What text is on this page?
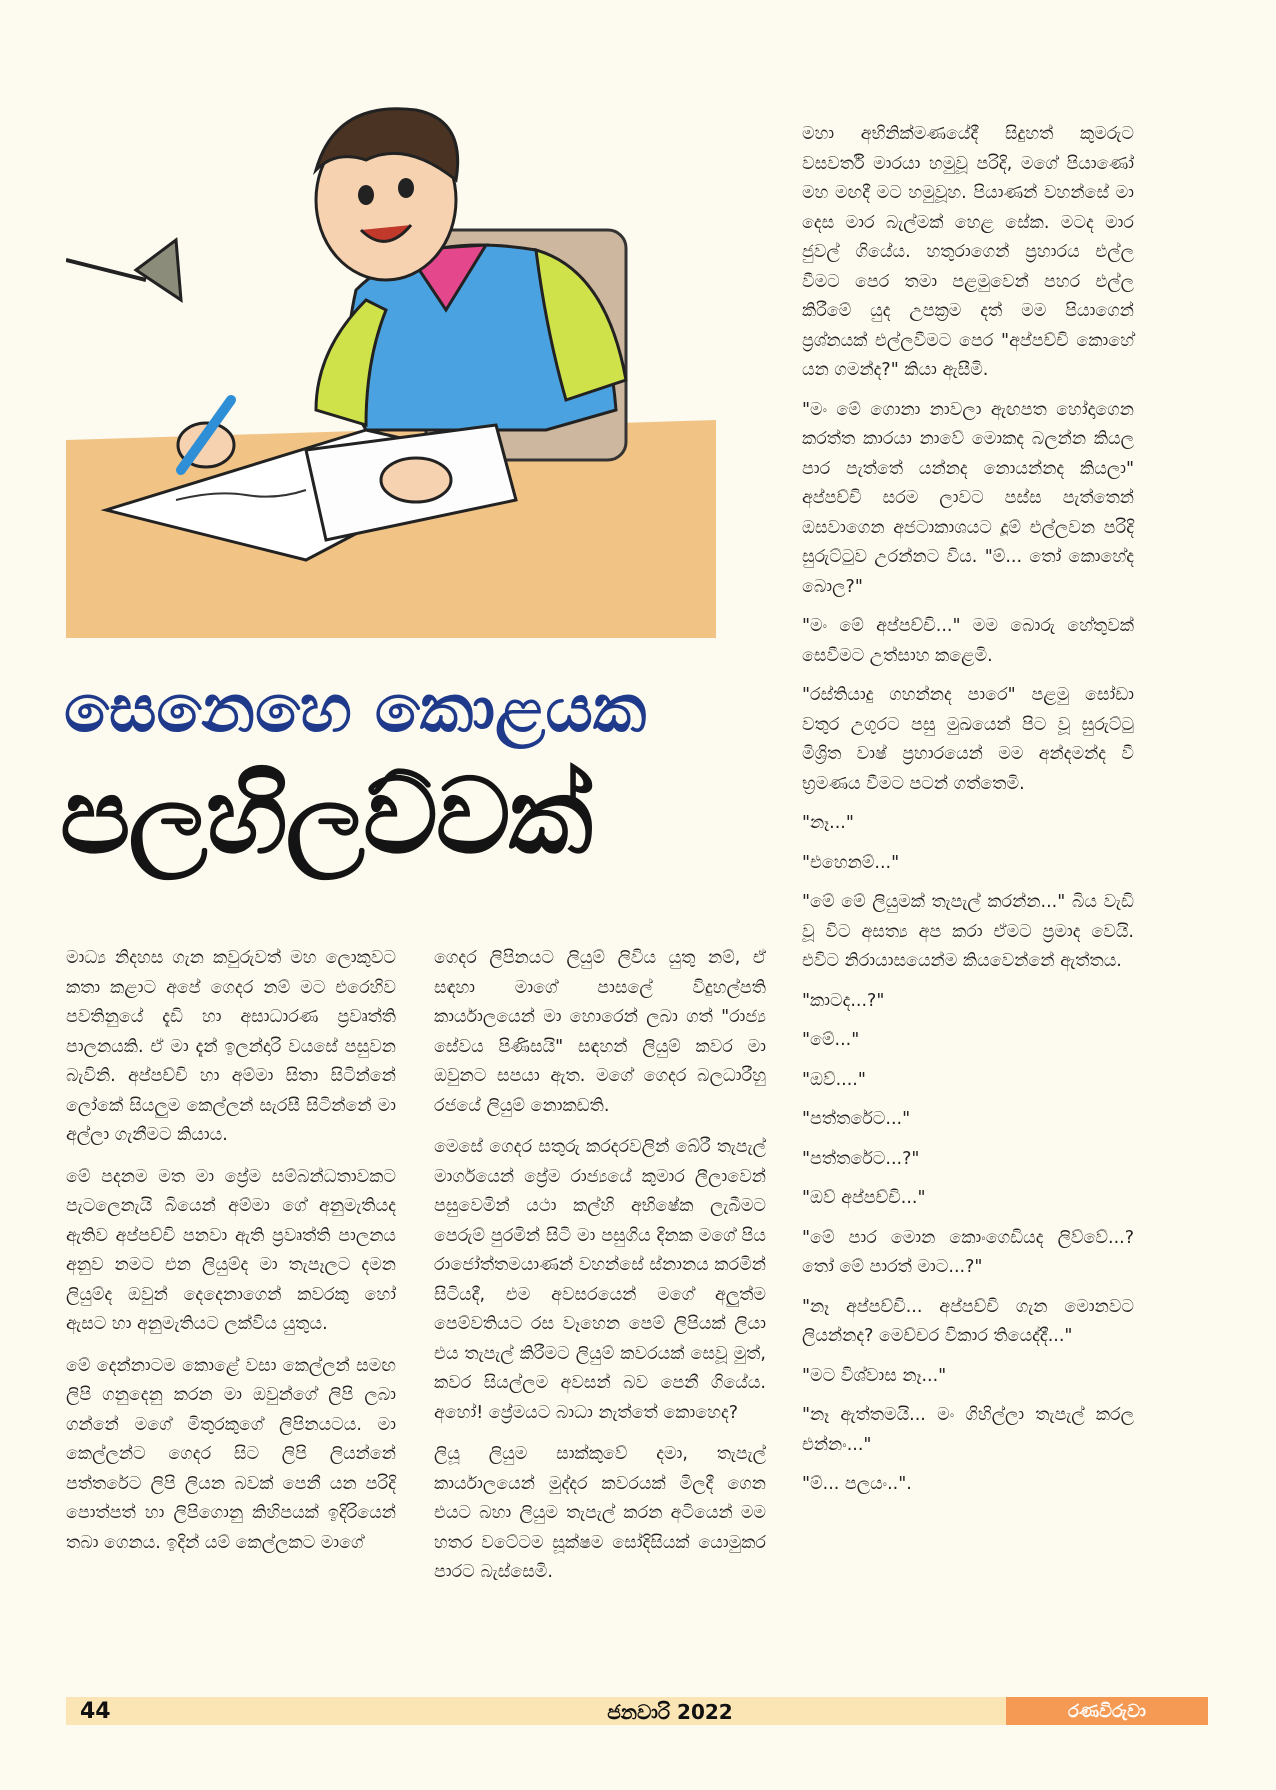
සෙනෙහෙ කොළයක
පලහිලව්වක්

මාධ්‍ය නිදහස ගැන කවුරුවත් මහ ලොකුවට කතා කළාට අපේ ගෙදර නම් මට එරෙහිව පවතිනුයේ දැඩි හා අසාධාරණ ප්‍රවෘත්ති පාලනයකි. ඒ මා දැන් ඉලන්දාරි වයසේ පසුවන බැවිනි. අප්පච්චි හා අම්මා සිතා සිටින්නේ ලෝකේ සියලුම කෙල්ලන් සැරසී සිටින්නේ මා අල්ලා ගැනීමට කියාය.

මේ පදනම මත මා ප්‍රේම සම්බන්ධතාවකට පැටලෙනැයි බියෙන් අම්මා ගේ අනුමැතියද ඇතිව අප්පච්චි පනවා ඇති ප්‍රවෘත්ති පාලනය අනුව නමට එන ලියුම්ද මා තැපෑලට දමන ලියුම්ද ඔවුන් දෙදෙනාගෙන් කවරකු හෝ ඇසට හා අනුමැතියට ලක්විය යුතුය.

මේ දෙන්නාටම කොළේ වසා කෙල්ලන් සමඟ ලිපි ගනුදෙනු කරන මා ඔවුන්ගේ ලිපි ලබා ගන්නේ මගේ මිතුරකුගේ ලිපිනයටය. මා කෙල්ලන්ට ගෙදර සිට ලිපි ලියන්නේ පත්තරේට ලිපි ලියන බවක් පෙනී යන පරිදි පොත්පත් හා ලිපිගොනු කිහිපයක් ඉදිරියෙන් තබා ගෙනය. ඉදින් යම් කෙල්ලකට මාගේ

ගෙදර ලිපිනයට ලියුම් ලිවිය යුතු නම්, ඒ සඳහා මාගේ පාසලේ විදුහල්පති කාර්යාලයෙන් මා හොරෙන් ලබා ගත් "රාජ්‍ය සේවය පිණිසයි" සඳහන් ලියුම් කවර මා ඔවුනට සපයා ඇත. මගේ ගෙදර බලධාරීහු රජයේ ලියුම් නොකඩති.

මෙසේ ගෙදර සතුරු කරදරවලින් බේරී තැපැල් මාර්ගයෙන් ප්‍රේම රාජ්‍යයේ කුමාර ලීලාවෙන් පසුවෙමින් යථා කල්හි අභිෂේක ලැබීමට පෙරුම් පුරමින් සිටි මා පසුගිය දිනක මගේ පිය රාජෝත්තමයාණන් වහන්සේ ස්නානය කරමින් සිටියදී, එම අවසරයෙන් මගේ අලුත්ම පෙම්වතියට රස වෑහෙන පෙම් ලිපියක් ලියා එය තැපැල් කිරීමට ලියුම් කවරයක් සෙවූ මුත්, කවර සියල්ලම අවසන් බව පෙනී ගියේය. අහෝ! ප්‍රේමයට බාධා නැත්තේ කොහෙද?

ලියූ ලියුම සාක්කුවේ දමා, තැපැල් කාර්යාලයෙන් මුද්දර කවරයක් මිලදී ගෙන එයට බහා ලියුම තැපැල් කරන අටියෙන් මම හතර වටේටම සූක්ෂම සෝදිසියක් යොමුකර පාරට බැස්සෙමි.

මහා අභිනික්මණයේදී සිදුහත් කුමරුට වසවර්ති මාරයා හමුවූ පරිදි, මගේ පියාණෝ මහ මඟදී මට හමුවූහ. පියාණන් වහන්සේ මා දෙස මාර බැල්මක් හෙළ සේක. මටද මාර ජුවල් ගියේය. හතුරාගෙන් ප්‍රහාරය එල්ල වීමට පෙර තමා පළමුවෙන් පහර එල්ල කිරීමේ යුද උපක්‍රම දත් මම පියාගෙන් ප්‍රශ්නයක් එල්ලවීමට පෙර "අප්පච්චි කොහේ යන ගමන්ද?" කියා ඇසීමි.

"මං මේ ගොනා නාවලා ඇඟපත හෝදාගෙන කරත්ත කාරයා නාවේ මොකද බලන්න කියල පාර පැත්තේ යන්නද නොයන්නද කියලා" අප්පච්චි සරම ලාවට පස්ස පැත්තෙන් ඔසවාගෙන අජටාකාශයට දූම් එල්ලවන පරිදි සුරුට්ටුව උරන්නට විය. "ම්... තෝ කොහේද බොල?"

"මං මේ අප්පච්චි..." මම බොරු හේතුවක් සෙවීමට උත්සාහ කළෙමි.

"රස්තියාදු ගහන්නද පාරෙ" පළමු සෝඩා වතුර උගුරට පසු මුඛයෙන් පිට වූ සුරුට්ටු මිශ්‍රිත වාෂ් ප්‍රහාරයෙන් මම අන්දමන්ද වී භ්‍රමණය වීමට පටන් ගත්තෙමි.

"නෑ..."

"එහෙනම්..."

"මේ මේ ලියුමක් තැපැල් කරන්න..." බිය වැඩි වූ විට අසත්‍ය අප කරා ඒමට ප්‍රමාද වෙයි. එවිට නිරායාසයෙන්ම කියවෙන්නේ ඇත්තය.

"කාටද...?"

"මේ..."

"ඔව්...."

"පත්තරේට..."

"පත්තරේට...?"

"ඔව් අප්පච්චි..."

"මේ පාර මොන කොංගෙඩියද ලිව්වේ...? තෝ මේ පාරත් මාට...?"

"නෑ අප්පච්චි... අප්පච්චි ගැන මොනවට ලියන්නද? මෙච්චර විකාර තියෙද්දී..."

"මට විශ්වාස නෑ..."

"නෑ ඇත්තමයි... මං ගිහිල්ලා තැපැල් කරල එන්නං..."

"ම්... පලයං..".

44	ජනවාරි 2022	රණවිරුවා
